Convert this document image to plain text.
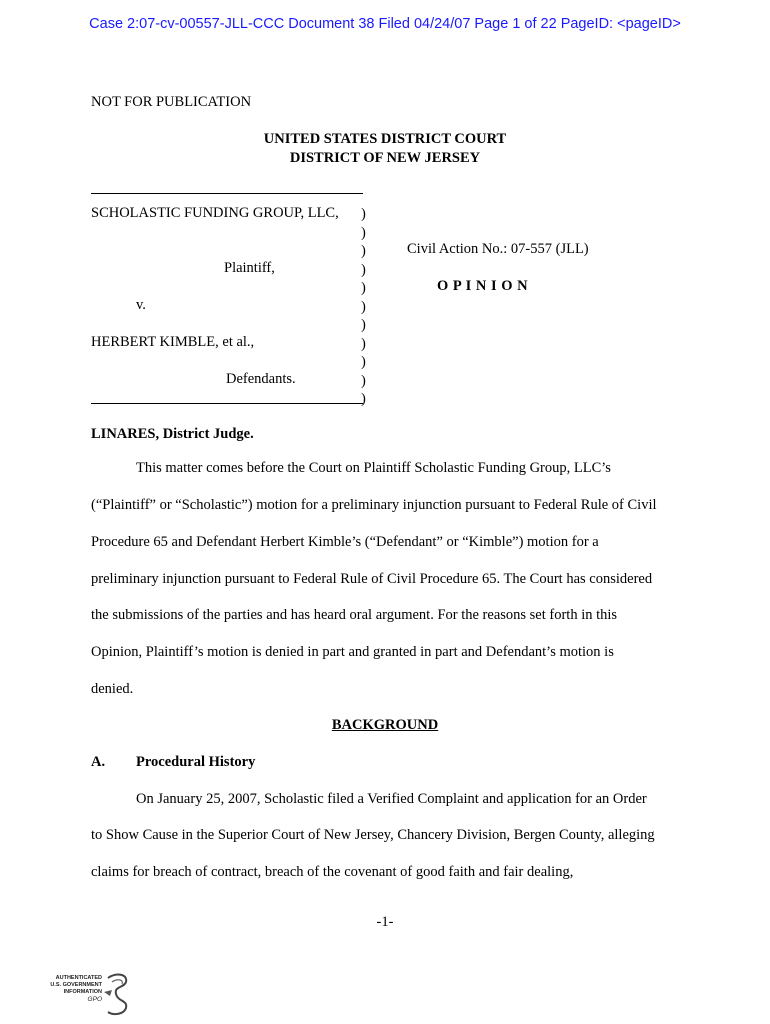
Case 2:07-cv-00557-JLL-CCC Document 38 Filed 04/24/07 Page 1 of 22 PageID: <pageID>
NOT FOR PUBLICATION
UNITED STATES DISTRICT COURT
DISTRICT OF NEW JERSEY
SCHOLASTIC FUNDING GROUP, LLC,
Plaintiff,
v.
HERBERT KIMBLE, et al.,
Defendants.
)
)
)
)
)
)
)
)
)
)
)
Civil Action No.: 07-557 (JLL)
O P I N I O N
LINARES, District Judge.
This matter comes before the Court on Plaintiff Scholastic Funding Group, LLC’s
(“Plaintiff” or “Scholastic”) motion for a preliminary injunction pursuant to Federal Rule of Civil
Procedure 65 and Defendant Herbert Kimble’s (“Defendant” or “Kimble”) motion for a
preliminary injunction pursuant to Federal Rule of Civil Procedure 65. The Court has considered
the submissions of the parties and has heard oral argument. For the reasons set forth in this
Opinion, Plaintiff’s motion is denied in part and granted in part and Defendant’s motion is
denied.
BACKGROUND
A. Procedural History
On January 25, 2007, Scholastic filed a Verified Complaint and application for an Order
to Show Cause in the Superior Court of New Jersey, Chancery Division, Bergen County, alleging
claims for breach of contract, breach of the covenant of good faith and fair dealing,
-1-
AUTHENTICATED
U.S. GOVERNMENT
INFORMATION
GPO
